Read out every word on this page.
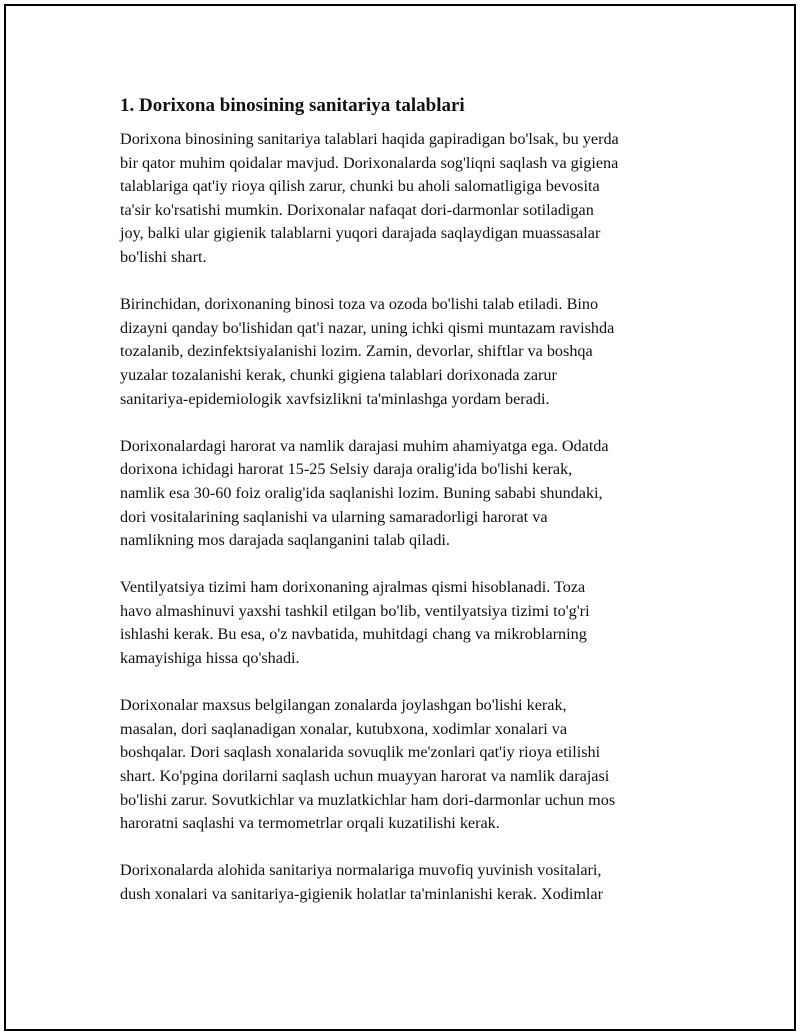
1. Dorixona binosining sanitariya talablari

Dorixona binosining sanitariya talablari haqida gapiradigan bo'lsak, bu yerda
bir qator muhim qoidalar mavjud. Dorixonalarda sog'liqni saqlash va gigiena
talablariga qat'iy rioya qilish zarur, chunki bu aholi salomatligiga bevosita
ta'sir ko'rsatishi mumkin. Dorixonalar nafaqat dori-darmonlar sotiladigan
joy, balki ular gigienik talablarni yuqori darajada saqlaydigan muassasalar
bo'lishi shart.

Birinchidan, dorixonaning binosi toza va ozoda bo'lishi talab etiladi. Bino
dizayni qanday bo'lishidan qat'i nazar, uning ichki qismi muntazam ravishda
tozalanib, dezinfektsiyalanishi lozim. Zamin, devorlar, shiftlar va boshqa
yuzalar tozalanishi kerak, chunki gigiena talablari dorixonada zarur
sanitariya-epidemiologik xavfsizlikni ta'minlashga yordam beradi.

Dorixonalardagi harorat va namlik darajasi muhim ahamiyatga ega. Odatda
dorixona ichidagi harorat 15-25 Selsiy daraja oralig'ida bo'lishi kerak,
namlik esa 30-60 foiz oralig'ida saqlanishi lozim. Buning sababi shundaki,
dori vositalarining saqlanishi va ularning samaradorligi harorat va
namlikning mos darajada saqlanganini talab qiladi.

Ventilyatsiya tizimi ham dorixonaning ajralmas qismi hisoblanadi. Toza
havo almashinuvi yaxshi tashkil etilgan bo'lib, ventilyatsiya tizimi to'g'ri
ishlashi kerak. Bu esa, o'z navbatida, muhitdagi chang va mikroblarning
kamayishiga hissa qo'shadi.

Dorixonalar maxsus belgilangan zonalarda joylashgan bo'lishi kerak,
masalan, dori saqlanadigan xonalar, kutubxona, xodimlar xonalari va
boshqalar. Dori saqlash xonalarida sovuqlik me'zonlari qat'iy rioya etilishi
shart. Ko'pgina dorilarni saqlash uchun muayyan harorat va namlik darajasi
bo'lishi zarur. Sovutkichlar va muzlatkichlar ham dori-darmonlar uchun mos
haroratni saqlashi va termometrlar orqali kuzatilishi kerak.

Dorixonalarda alohida sanitariya normalariga muvofiq yuvinish vositalari,
dush xonalari va sanitariya-gigienik holatlar ta'minlanishi kerak. Xodimlar
